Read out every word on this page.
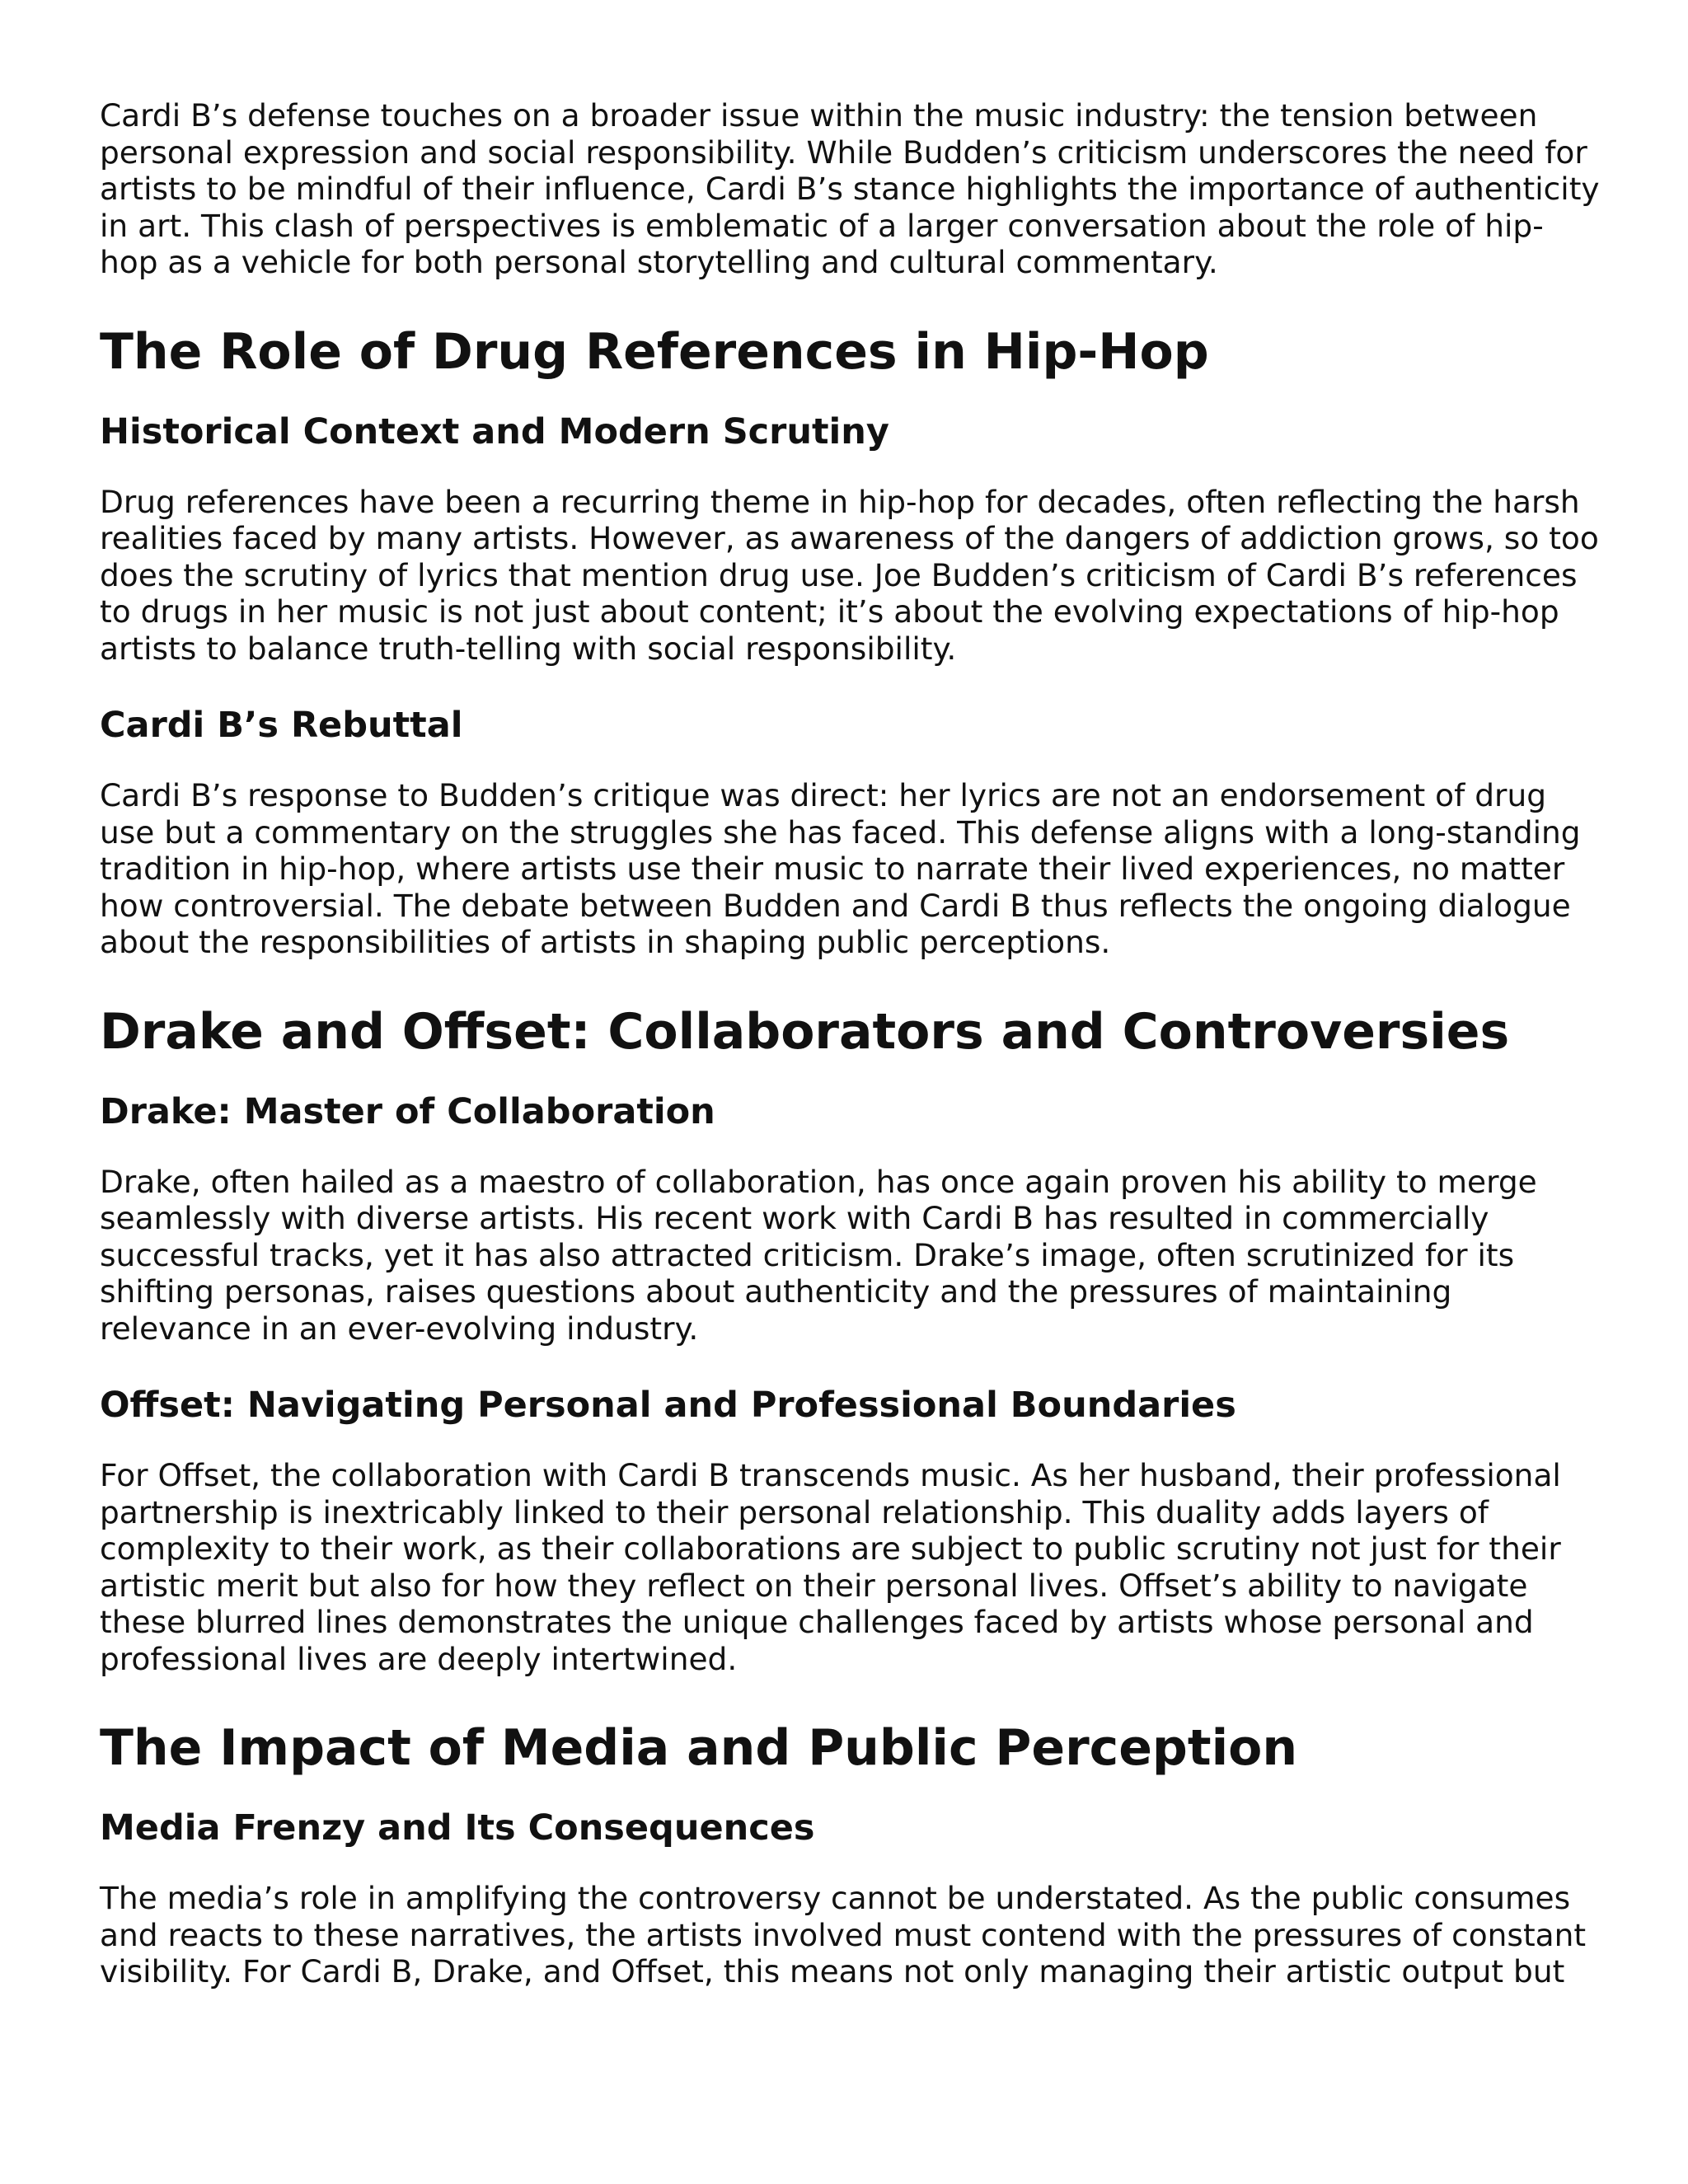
Cardi B’s defense touches on a broader issue within the music industry: the tension between personal expression and social responsibility. While Budden’s criticism underscores the need for artists to be mindful of their influence, Cardi B’s stance highlights the importance of authenticity in art. This clash of perspectives is emblematic of a larger conversation about the role of hip-hop as a vehicle for both personal storytelling and cultural commentary.

The Role of Drug References in Hip-Hop
Historical Context and Modern Scrutiny

Drug references have been a recurring theme in hip-hop for decades, often reflecting the harsh realities faced by many artists. However, as awareness of the dangers of addiction grows, so too does the scrutiny of lyrics that mention drug use. Joe Budden’s criticism of Cardi B’s references to drugs in her music is not just about content; it’s about the evolving expectations of hip-hop artists to balance truth-telling with social responsibility.

Cardi B’s Rebuttal

Cardi B’s response to Budden’s critique was direct: her lyrics are not an endorsement of drug use but a commentary on the struggles she has faced. This defense aligns with a long-standing tradition in hip-hop, where artists use their music to narrate their lived experiences, no matter how controversial. The debate between Budden and Cardi B thus reflects the ongoing dialogue about the responsibilities of artists in shaping public perceptions.

Drake and Offset: Collaborators and Controversies
Drake: Master of Collaboration

Drake, often hailed as a maestro of collaboration, has once again proven his ability to merge seamlessly with diverse artists. His recent work with Cardi B has resulted in commercially successful tracks, yet it has also attracted criticism. Drake’s image, often scrutinized for its shifting personas, raises questions about authenticity and the pressures of maintaining relevance in an ever-evolving industry.

Offset: Navigating Personal and Professional Boundaries

For Offset, the collaboration with Cardi B transcends music. As her husband, their professional partnership is inextricably linked to their personal relationship. This duality adds layers of complexity to their work, as their collaborations are subject to public scrutiny not just for their artistic merit but also for how they reflect on their personal lives. Offset’s ability to navigate these blurred lines demonstrates the unique challenges faced by artists whose personal and professional lives are deeply intertwined.

The Impact of Media and Public Perception
Media Frenzy and Its Consequences

The media’s role in amplifying the controversy cannot be understated. As the public consumes and reacts to these narratives, the artists involved must contend with the pressures of constant visibility. For Cardi B, Drake, and Offset, this means not only managing their artistic output but
